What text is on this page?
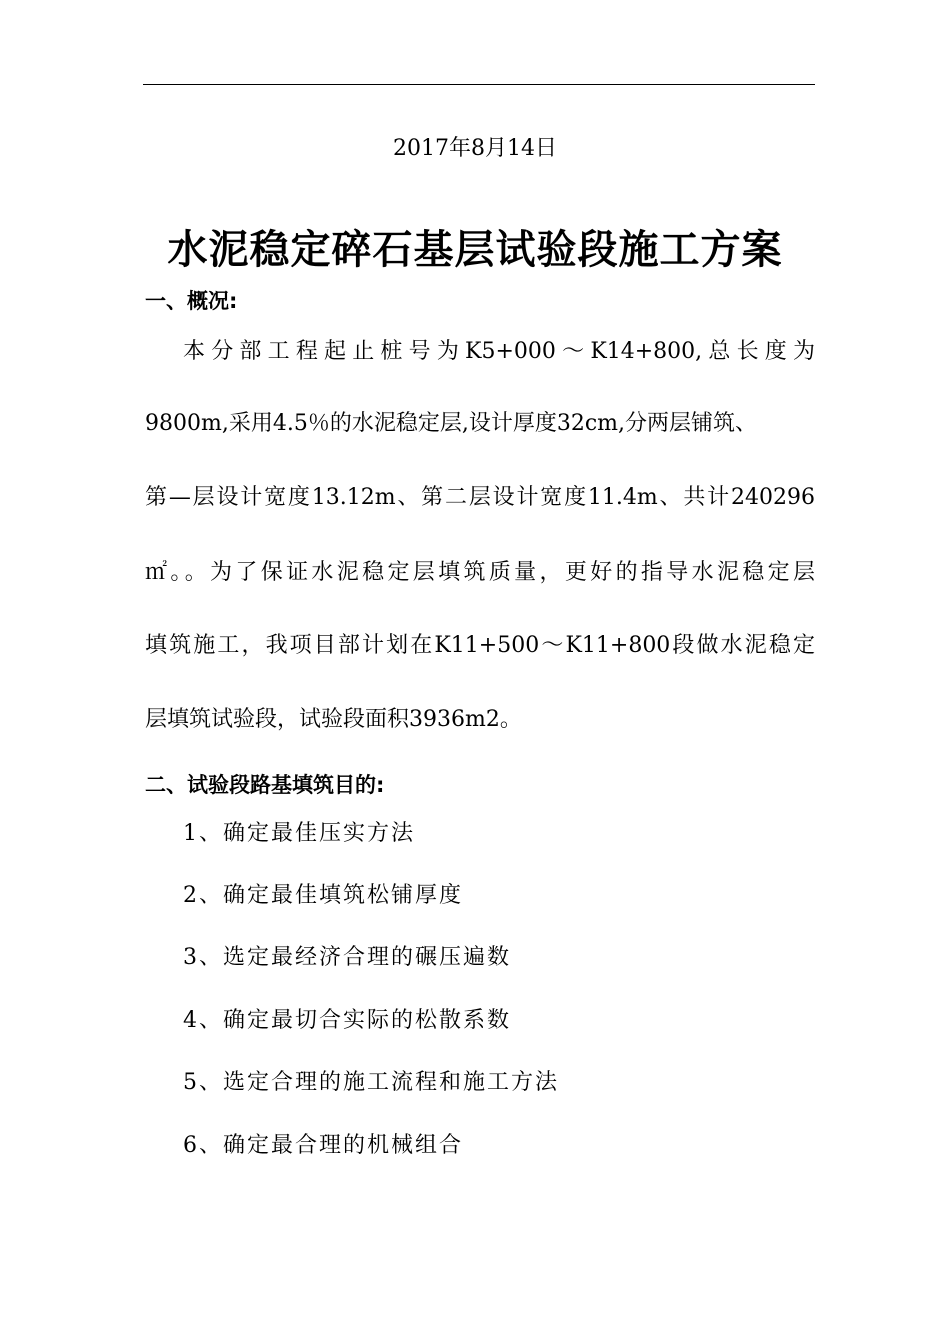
2017年8月14日
水泥稳定碎石基层试验段施工方案
一、概况:
本分部工程起止桩号为K5+000～K14+800,总长度为
9800m,采用4.5％的水泥稳定层,设计厚度32cm,分两层铺筑、
第—层设计宽度13.12m、第二层设计宽度11.4m、共计240296
㎡。。为了保证水泥稳定层填筑质量，更好的指导水泥稳定层
填筑施工，我项目部计划在K11+500～K11+800段做水泥稳定
层填筑试验段，试验段面积3936m2。
二、试验段路基填筑目的:
1、确定最佳压实方法
2、确定最佳填筑松铺厚度
3、选定最经济合理的碾压遍数
4、确定最切合实际的松散系数
5、选定合理的施工流程和施工方法
6、确定最合理的机械组合
